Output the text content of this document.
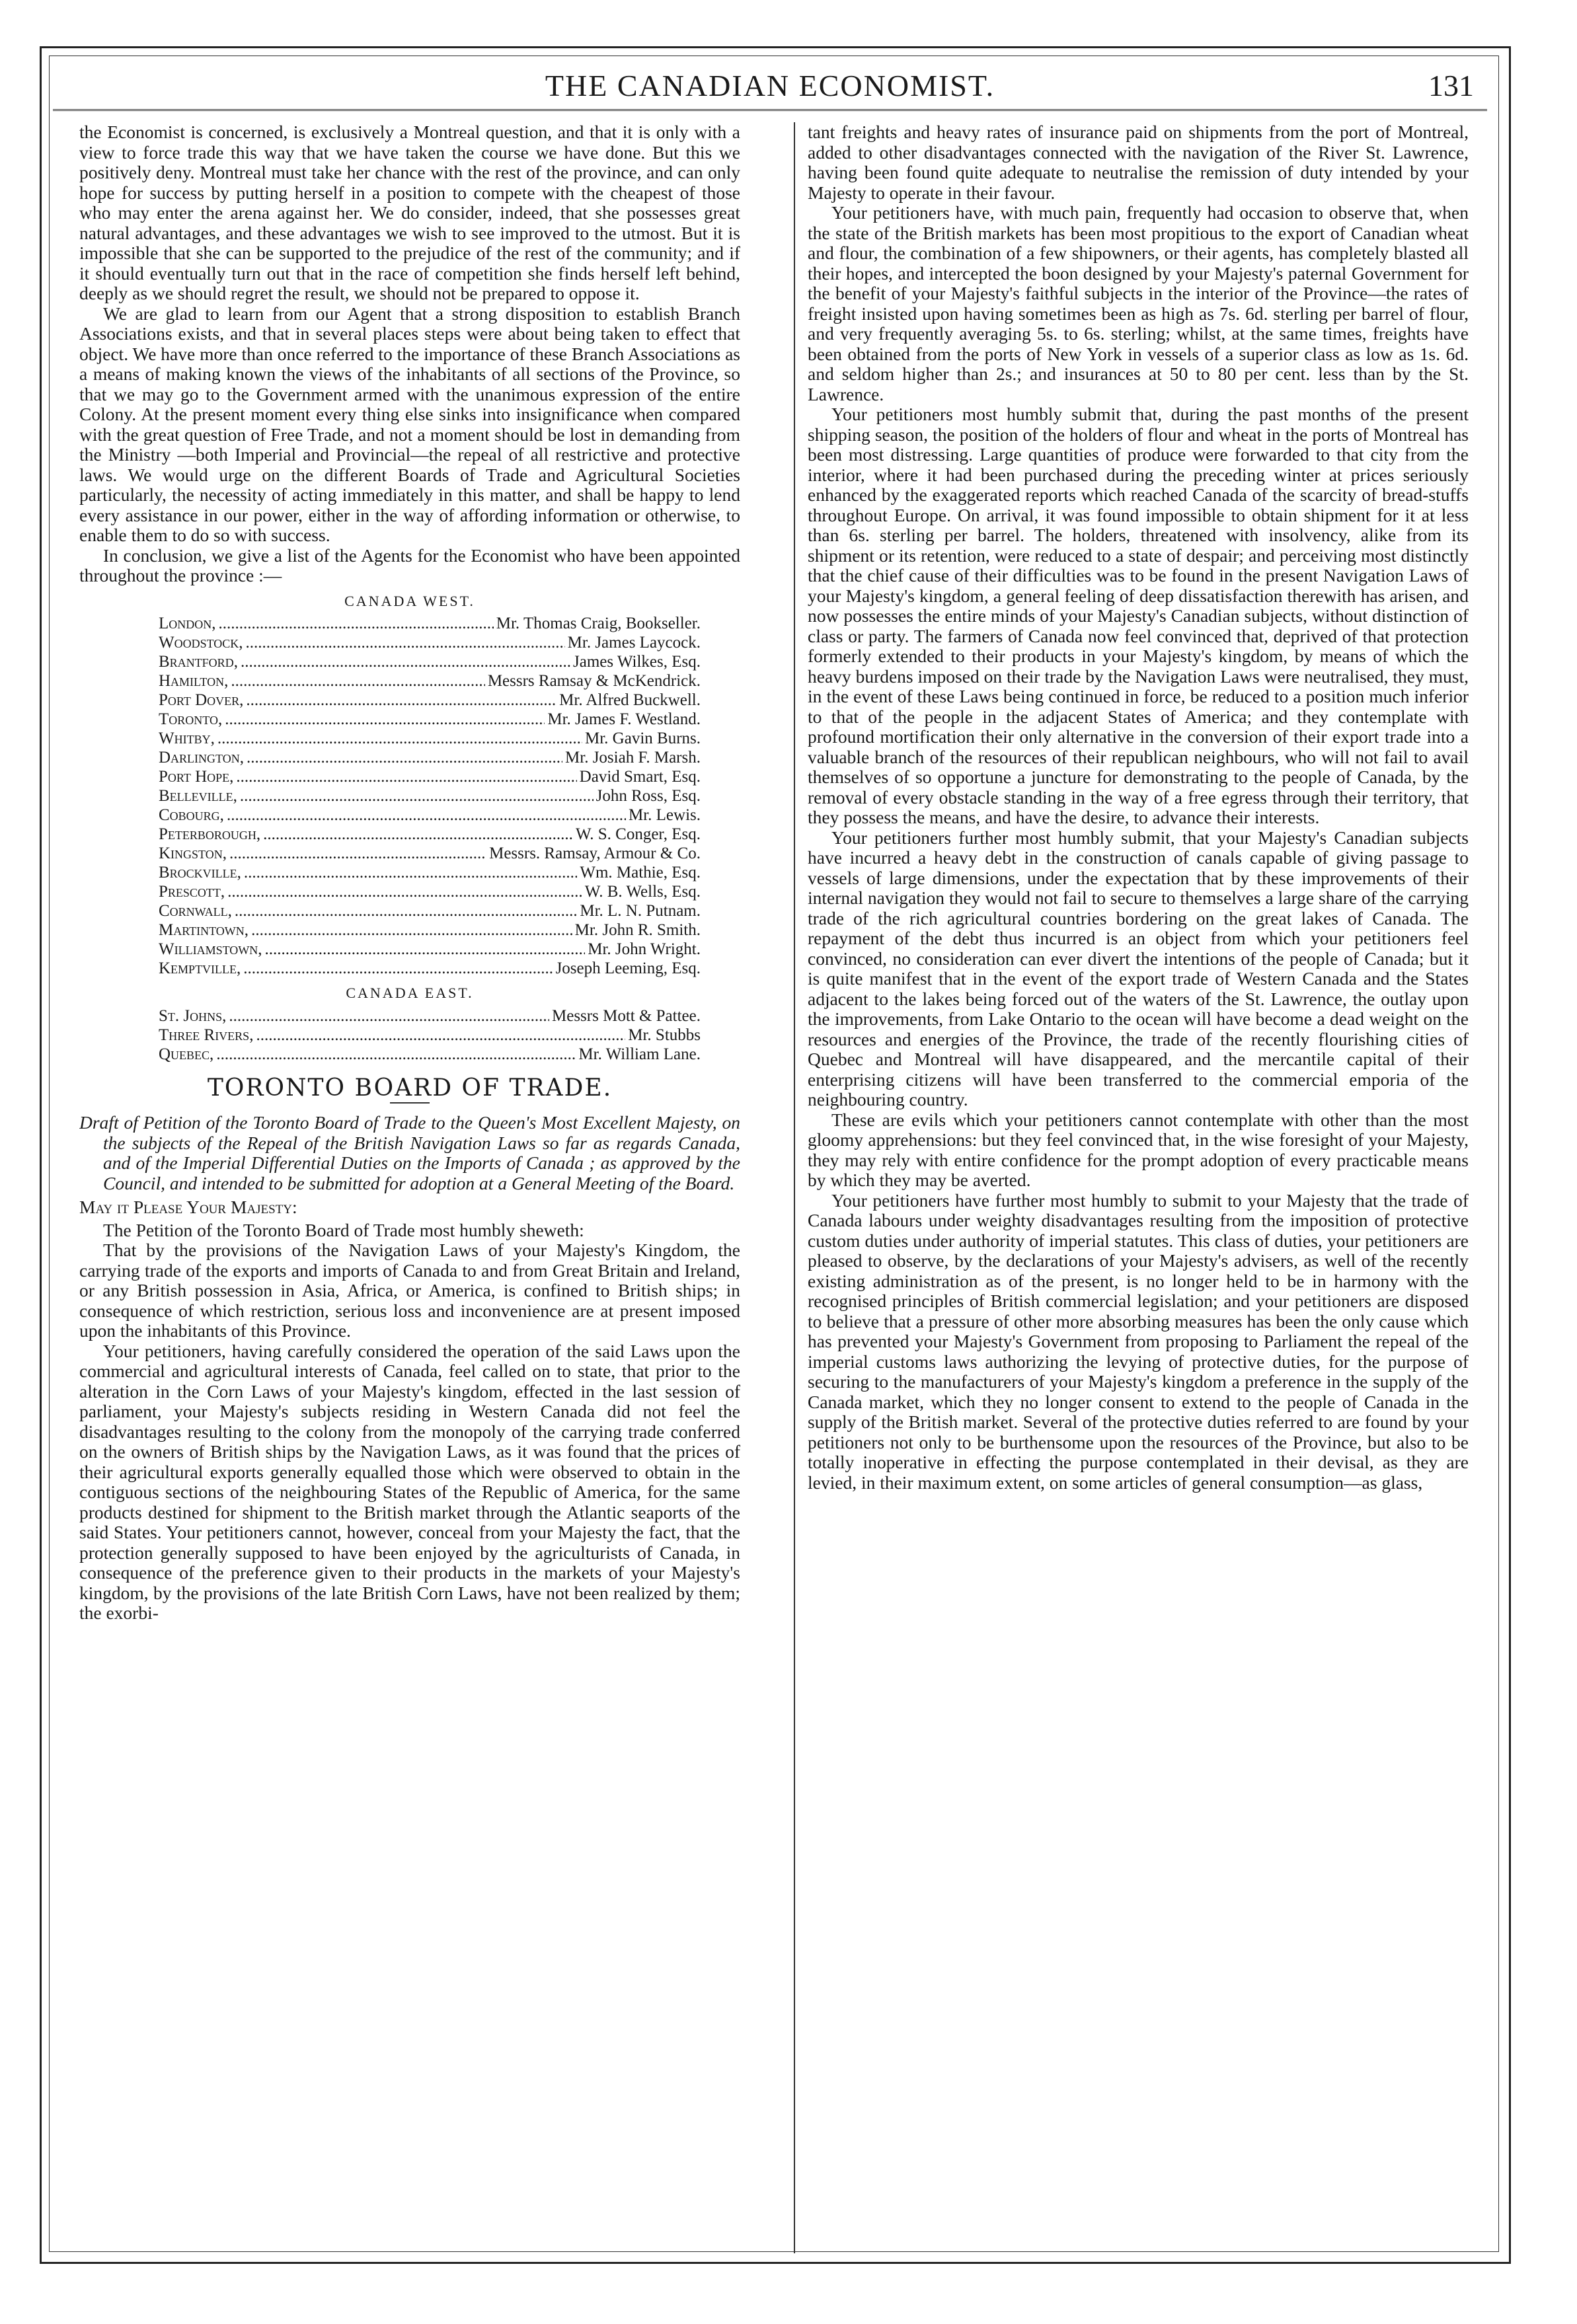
THE CANADIAN ECONOMIST.	131

the Economist is concerned, is exclusively a Montreal question, and that it is only with a view to force trade this way that we have taken the course we have done. But this we positively deny. Montreal must take her chance with the rest of the province, and can only hope for success by putting herself in a position to compete with the cheapest of those who may enter the arena against her. We do consider, indeed, that she possesses great natural advantages, and these advantages we wish to see improved to the utmost. But it is impossible that she can be supported to the prejudice of the rest of the community; and if it should eventually turn out that in the race of competition she finds herself left behind, deeply as we should regret the result, we should not be prepared to oppose it.

We are glad to learn from our Agent that a strong disposition to establish Branch Associations exists, and that in several places steps were about being taken to effect that object. We have more than once referred to the importance of these Branch Associations as a means of making known the views of the inhabitants of all sections of the Province, so that we may go to the Government armed with the unanimous expression of the entire Colony. At the present moment every thing else sinks into insignificance when compared with the great question of Free Trade, and not a moment should be lost in demanding from the Ministry —both Imperial and Provincial—the repeal of all restrictive and protective laws. We would urge on the different Boards of Trade and Agricultural Societies particularly, the necessity of acting immediately in this matter, and shall be happy to lend every assistance in our power, either in the way of affording information or otherwise, to enable them to do so with success.

In conclusion, we give a list of the Agents for the Economist who have been appointed throughout the province :—

CANADA WEST.
London, .....	Mr. Thomas Craig, Bookseller.
Woodstock, .....	Mr. James Laycock.
Brantford, .....	James Wilkes, Esq.
Hamilton, .....	Messrs Ramsay & McKendrick.
Port Dover, .....	Mr. Alfred Buckwell.
Toronto, .....	Mr. James F. Westland.
Whitby, .....	Mr. Gavin Burns.
Darlington, .....	Mr. Josiah F. Marsh.
Port Hope, .....	David Smart, Esq.
Belleville, .....	John Ross, Esq.
Cobourg, .....	Mr. Lewis.
Peterborough, .....	W. S. Conger, Esq.
Kingston, .....	Messrs. Ramsay, Armour & Co.
Brockville, .....	Wm. Mathie, Esq.
Prescott, .....	W. B. Wells, Esq.
Cornwall, .....	Mr. L. N. Putnam.
Martintown, .....	Mr. John R. Smith.
Williamstown, .....	Mr. John Wright.
Kemptville, .....	Joseph Leeming, Esq.
CANADA EAST.
St. Johns, .....	Messrs Mott & Pattee.
Three Rivers, .....	Mr. Stubbs
Quebec, .....	Mr. William Lane.
TORONTO BOARD OF TRADE.

Draft of Petition of the Toronto Board of Trade to the Queen's Most Excellent Majesty, on the subjects of the Repeal of the British Navigation Laws so far as regards Canada, and of the Imperial Differential Duties on the Imports of Canada ; as approved by the Council, and intended to be submitted for adoption at a General Meeting of the Board.

May it Please Your Majesty:

The Petition of the Toronto Board of Trade most humbly sheweth:

That by the provisions of the Navigation Laws of your Majesty's Kingdom, the carrying trade of the exports and imports of Canada to and from Great Britain and Ireland, or any British possession in Asia, Africa, or America, is confined to British ships; in consequence of which restriction, serious loss and inconvenience are at present imposed upon the inhabitants of this Province.

Your petitioners, having carefully considered the operation of the said Laws upon the commercial and agricultural interests of Canada, feel called on to state, that prior to the alteration in the Corn Laws of your Majesty's kingdom, effected in the last session of parliament, your Majesty's subjects residing in Western Canada did not feel the disadvantages resulting to the colony from the monopoly of the carrying trade conferred on the owners of British ships by the Navigation Laws, as it was found that the prices of their agricultural exports generally equalled those which were observed to obtain in the contiguous sections of the neighbouring States of the Republic of America, for the same products destined for shipment to the British market through the Atlantic seaports of the said States. Your petitioners cannot, however, conceal from your Majesty the fact, that the protection generally supposed to have been enjoyed by the agriculturists of Canada, in consequence of the preference given to their products in the markets of your Majesty's kingdom, by the provisions of the late British Corn Laws, have not been realized by them; the exorbi-

tant freights and heavy rates of insurance paid on shipments from the port of Montreal, added to other disadvantages connected with the navigation of the River St. Lawrence, having been found quite adequate to neutralise the remission of duty intended by your Majesty to operate in their favour.

Your petitioners have, with much pain, frequently had occasion to observe that, when the state of the British markets has been most propitious to the export of Canadian wheat and flour, the combination of a few shipowners, or their agents, has completely blasted all their hopes, and intercepted the boon designed by your Majesty's paternal Government for the benefit of your Majesty's faithful subjects in the interior of the Province—the rates of freight insisted upon having sometimes been as high as 7s. 6d. sterling per barrel of flour, and very frequently averaging 5s. to 6s. sterling; whilst, at the same times, freights have been obtained from the ports of New York in vessels of a superior class as low as 1s. 6d. and seldom higher than 2s.; and insurances at 50 to 80 per cent. less than by the St. Lawrence.

Your petitioners most humbly submit that, during the past months of the present shipping season, the position of the holders of flour and wheat in the ports of Montreal has been most distressing. Large quantities of produce were forwarded to that city from the interior, where it had been purchased during the preceding winter at prices seriously enhanced by the exaggerated reports which reached Canada of the scarcity of bread-stuffs throughout Europe. On arrival, it was found impossible to obtain shipment for it at less than 6s. sterling per barrel. The holders, threatened with insolvency, alike from its shipment or its retention, were reduced to a state of despair; and perceiving most distinctly that the chief cause of their difficulties was to be found in the present Navigation Laws of your Majesty's kingdom, a general feeling of deep dissatisfaction therewith has arisen, and now possesses the entire minds of your Majesty's Canadian subjects, without distinction of class or party. The farmers of Canada now feel convinced that, deprived of that protection formerly extended to their products in your Majesty's kingdom, by means of which the heavy burdens imposed on their trade by the Navigation Laws were neutralised, they must, in the event of these Laws being continued in force, be reduced to a position much inferior to that of the people in the adjacent States of America; and they contemplate with profound mortification their only alternative in the conversion of their export trade into a valuable branch of the resources of their republican neighbours, who will not fail to avail themselves of so opportune a juncture for demonstrating to the people of Canada, by the removal of every obstacle standing in the way of a free egress through their territory, that they possess the means, and have the desire, to advance their interests.

Your petitioners further most humbly submit, that your Majesty's Canadian subjects have incurred a heavy debt in the construction of canals capable of giving passage to vessels of large dimensions, under the expectation that by these improvements of their internal navigation they would not fail to secure to themselves a large share of the carrying trade of the rich agricultural countries bordering on the great lakes of Canada. The repayment of the debt thus incurred is an object from which your petitioners feel convinced, no consideration can ever divert the intentions of the people of Canada; but it is quite manifest that in the event of the export trade of Western Canada and the States adjacent to the lakes being forced out of the waters of the St. Lawrence, the outlay upon the improvements, from Lake Ontario to the ocean will have become a dead weight on the resources and energies of the Province, the trade of the recently flourishing cities of Quebec and Montreal will have disappeared, and the mercantile capital of their enterprising citizens will have been transferred to the commercial emporia of the neighbouring country.

These are evils which your petitioners cannot contemplate with other than the most gloomy apprehensions: but they feel convinced that, in the wise foresight of your Majesty, they may rely with entire confidence for the prompt adoption of every practicable means by which they may be averted.

Your petitioners have further most humbly to submit to your Majesty that the trade of Canada labours under weighty disadvantages resulting from the imposition of protective custom duties under authority of imperial statutes. This class of duties, your petitioners are pleased to observe, by the declarations of your Majesty's advisers, as well of the recently existing administration as of the present, is no longer held to be in harmony with the recognised principles of British commercial legislation; and your petitioners are disposed to believe that a pressure of other more absorbing measures has been the only cause which has prevented your Majesty's Government from proposing to Parliament the repeal of the imperial customs laws authorizing the levying of protective duties, for the purpose of securing to the manufacturers of your Majesty's kingdom a preference in the supply of the Canada market, which they no longer consent to extend to the people of Canada in the supply of the British market. Several of the protective duties referred to are found by your petitioners not only to be burthensome upon the resources of the Province, but also to be totally inoperative in effecting the purpose contemplated in their devisal, as they are levied, in their maximum extent, on some articles of general consumption—as glass,
